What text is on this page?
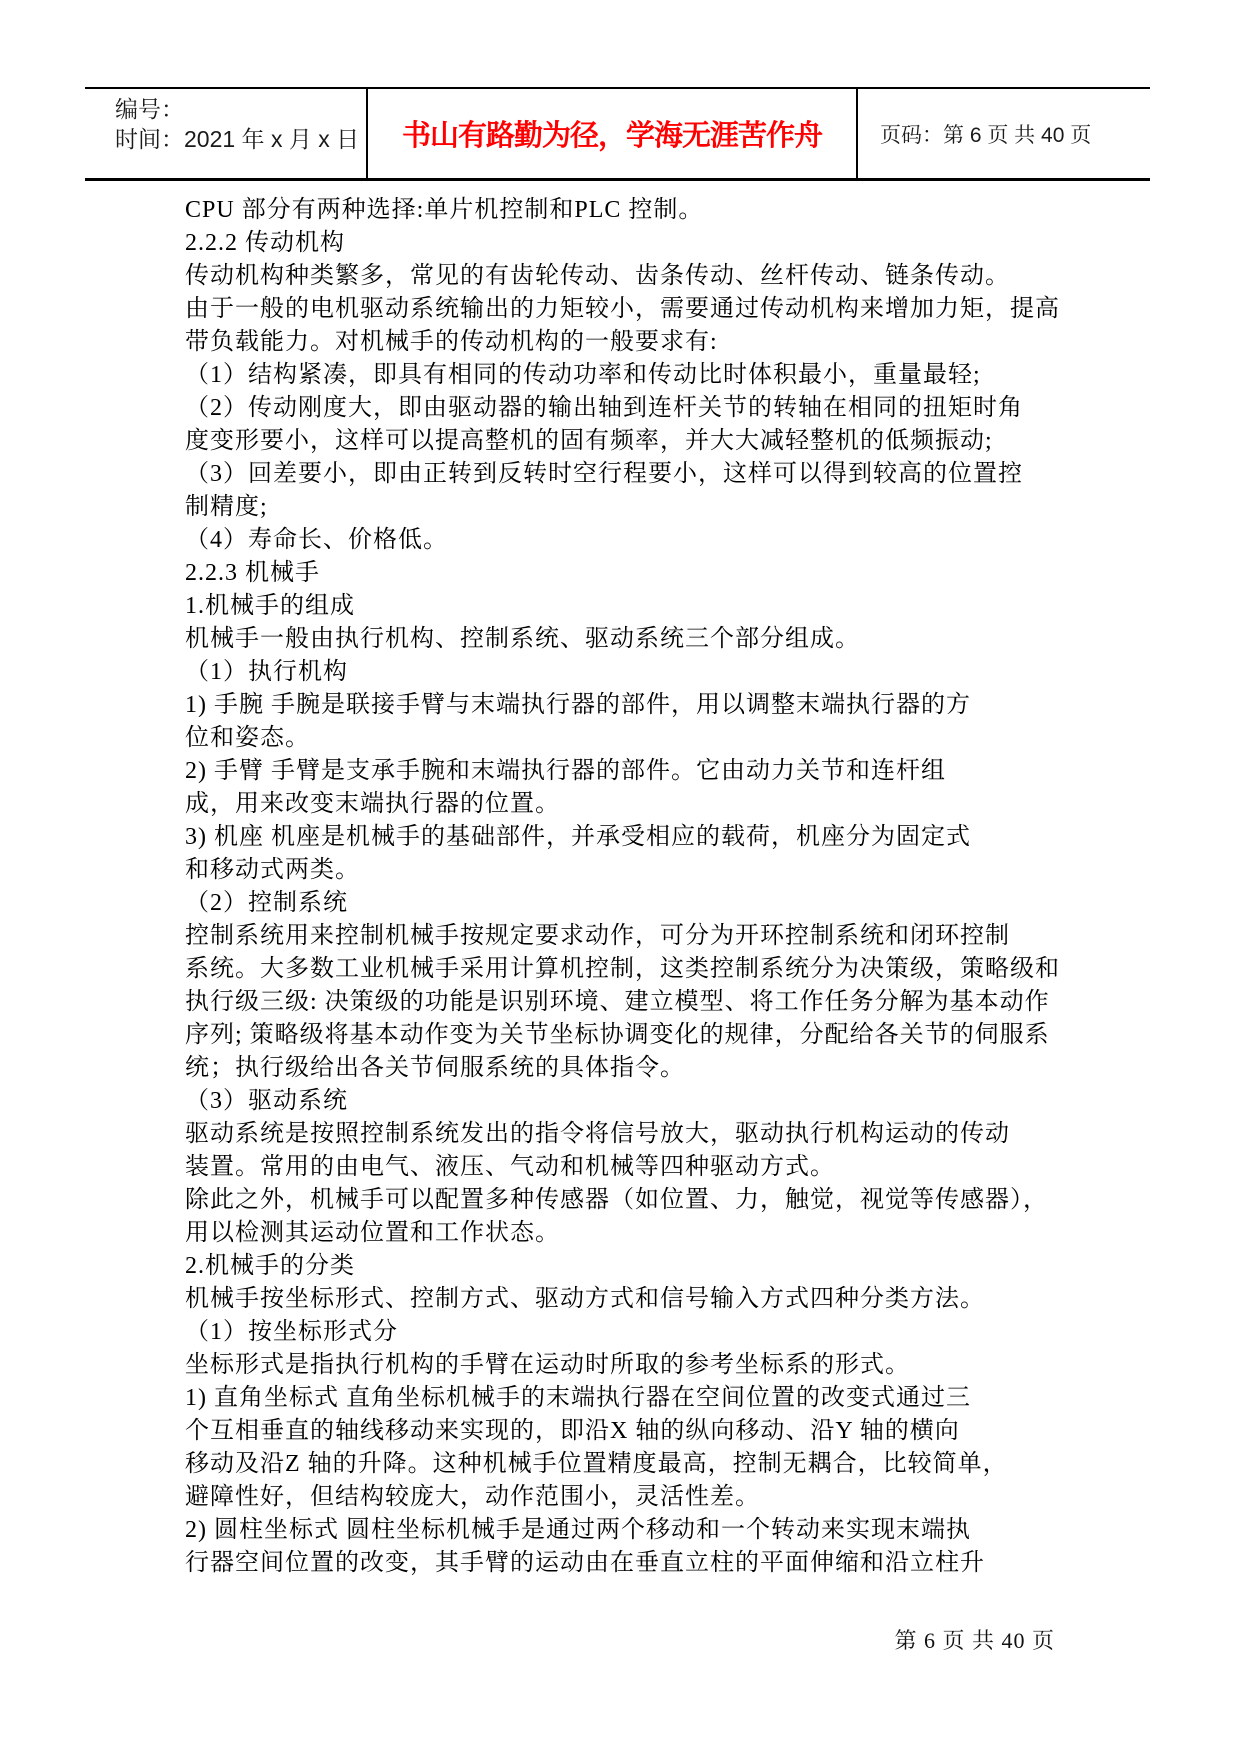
编号：
时间：2021 年 x 月 x 日 书山有路勤为径，学海无涯苦作舟	页码：第 6 页 共 40 页
CPU 部分有两种选择:单片机控制和PLC 控制。
2.2.2 传动机构
传动机构种类繁多，常见的有齿轮传动、齿条传动、丝杆传动、链条传动。
由于一般的电机驱动系统输出的力矩较小，需要通过传动机构来增加力矩，提高
带负载能力。对机械手的传动机构的一般要求有:
（1）结构紧凑，即具有相同的传动功率和传动比时体积最小，重量最轻;
（2）传动刚度大，即由驱动器的输出轴到连杆关节的转轴在相同的扭矩时角
度变形要小，这样可以提高整机的固有频率，并大大减轻整机的低频振动;
（3）回差要小，即由正转到反转时空行程要小，这样可以得到较高的位置控
制精度;
（4）寿命长、价格低。
2.2.3 机械手
1.机械手的组成
机械手一般由执行机构、控制系统、驱动系统三个部分组成。
（1）执行机构
1) 手腕 手腕是联接手臂与末端执行器的部件，用以调整末端执行器的方
位和姿态。
2) 手臂 手臂是支承手腕和末端执行器的部件。它由动力关节和连杆组
成，用来改变末端执行器的位置。
3) 机座 机座是机械手的基础部件，并承受相应的载荷，机座分为固定式
和移动式两类。
（2）控制系统
控制系统用来控制机械手按规定要求动作，可分为开环控制系统和闭环控制
系统。大多数工业机械手采用计算机控制，这类控制系统分为决策级，策略级和
执行级三级: 决策级的功能是识别环境、建立模型、将工作任务分解为基本动作
序列; 策略级将基本动作变为关节坐标协调变化的规律，分配给各关节的伺服系
统；执行级给出各关节伺服系统的具体指令。
（3）驱动系统
驱动系统是按照控制系统发出的指令将信号放大，驱动执行机构运动的传动
装置。常用的由电气、液压、气动和机械等四种驱动方式。
除此之外，机械手可以配置多种传感器（如位置、力，触觉，视觉等传感器），
用以检测其运动位置和工作状态。
2.机械手的分类
机械手按坐标形式、控制方式、驱动方式和信号输入方式四种分类方法。
（1）按坐标形式分
坐标形式是指执行机构的手臂在运动时所取的参考坐标系的形式。
1) 直角坐标式 直角坐标机械手的末端执行器在空间位置的改变式通过三
个互相垂直的轴线移动来实现的，即沿X 轴的纵向移动、沿Y 轴的横向
移动及沿Z 轴的升降。这种机械手位置精度最高，控制无耦合，比较简单，
避障性好，但结构较庞大，动作范围小，灵活性差。
2) 圆柱坐标式 圆柱坐标机械手是通过两个移动和一个转动来实现末端执
行器空间位置的改变，其手臂的运动由在垂直立柱的平面伸缩和沿立柱升
第 6 页 共 40 页
